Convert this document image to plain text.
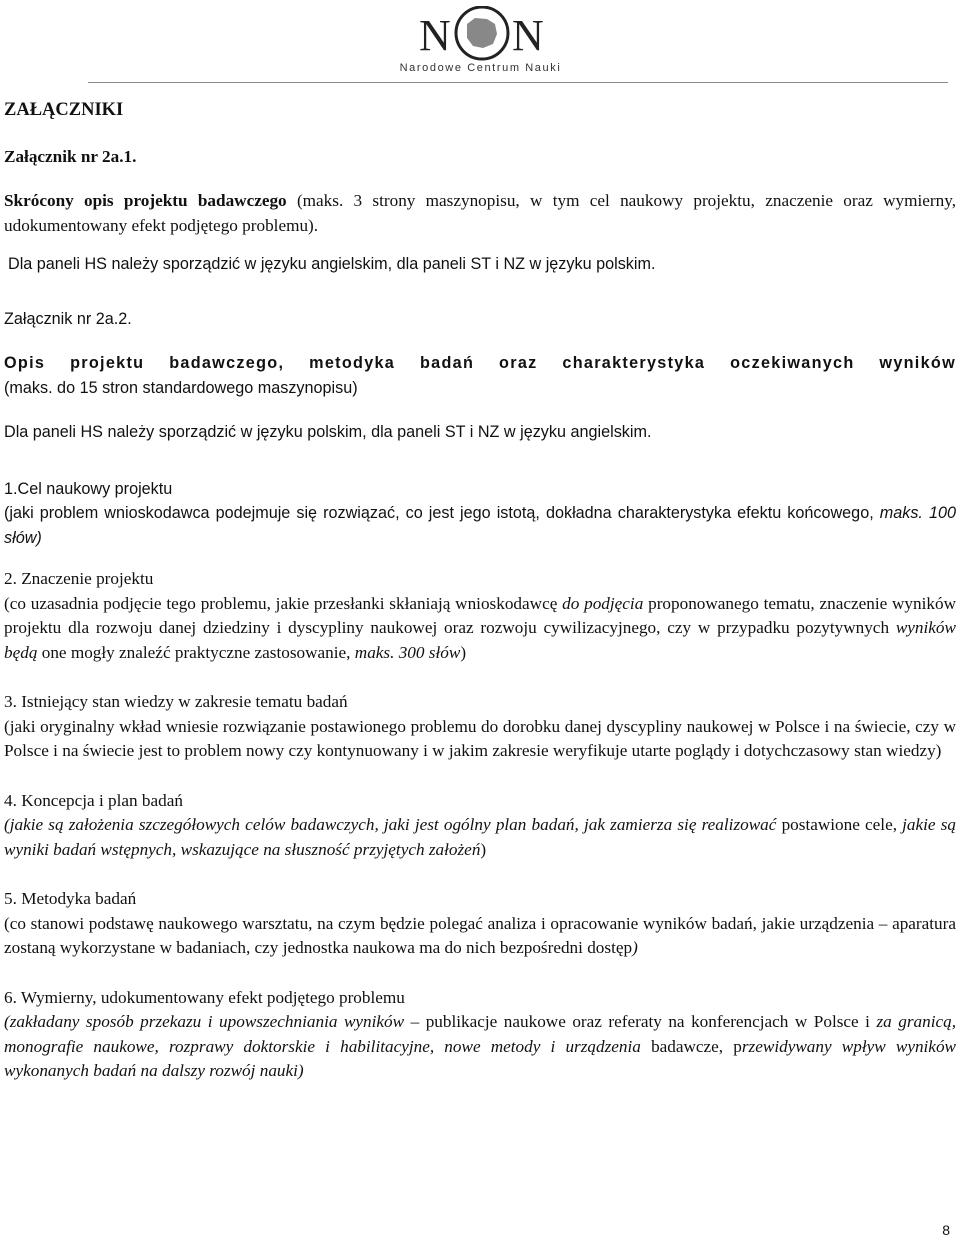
N N
Narodowe Centrum Nauki

ZAŁĄCZNIKI

Załącznik nr 2a.1.

Skrócony opis projektu badawczego (maks. 3 strony maszynopisu, w tym cel naukowy projektu, znaczenie oraz wymierny, udokumentowany efekt podjętego problemu).

Dla paneli HS należy sporządzić w języku angielskim, dla paneli ST i NZ w języku polskim.

Załącznik nr 2a.2.

Opis projektu badawczego, metodyka badań oraz charakterystyka oczekiwanych wyników (maks. do 15 stron standardowego maszynopisu)

Dla paneli HS należy sporządzić w języku polskim, dla paneli ST i NZ w języku angielskim.

1.Cel naukowy projektu

(jaki problem wnioskodawca podejmuje się rozwiązać, co jest jego istotą, dokładna charakterystyka efektu końcowego, maks. 100 słów)

2. Znaczenie projektu

(co uzasadnia podjęcie tego problemu, jakie przesłanki skłaniają wnioskodawcę do podjęcia proponowanego tematu, znaczenie wyników projektu dla rozwoju danej dziedziny i dyscypliny naukowej oraz rozwoju cywilizacyjnego, czy w przypadku pozytywnych wyników będą one mogły znaleźć praktyczne zastosowanie, maks. 300 słów)

3. Istniejący stan wiedzy w zakresie tematu badań

(jaki oryginalny wkład wniesie rozwiązanie postawionego problemu do dorobku danej dyscypliny naukowej w Polsce i na świecie, czy w Polsce i na świecie jest to problem nowy czy kontynuowany i w jakim zakresie weryfikuje utarte poglądy i dotychczasowy stan wiedzy)

4. Koncepcja i plan badań

(jakie są założenia szczegółowych celów badawczych, jaki jest ogólny plan badań, jak zamierza się realizować postawione cele, jakie są wyniki badań wstępnych, wskazujące na słuszność przyjętych założeń)

5. Metodyka badań

(co stanowi podstawę naukowego warsztatu, na czym będzie polegać analiza i opracowanie wyników badań, jakie urządzenia – aparatura zostaną wykorzystane w badaniach, czy jednostka naukowa ma do nich bezpośredni dostęp)

6. Wymierny, udokumentowany efekt podjętego problemu

(zakładany sposób przekazu i upowszechniania wyników – publikacje naukowe oraz referaty na konferencjach w Polsce i za granicą, monografie naukowe, rozprawy doktorskie i habilitacyjne, nowe metody i urządzenia badawcze, przewidywany wpływ wyników wykonanych badań na dalszy rozwój nauki)

8
